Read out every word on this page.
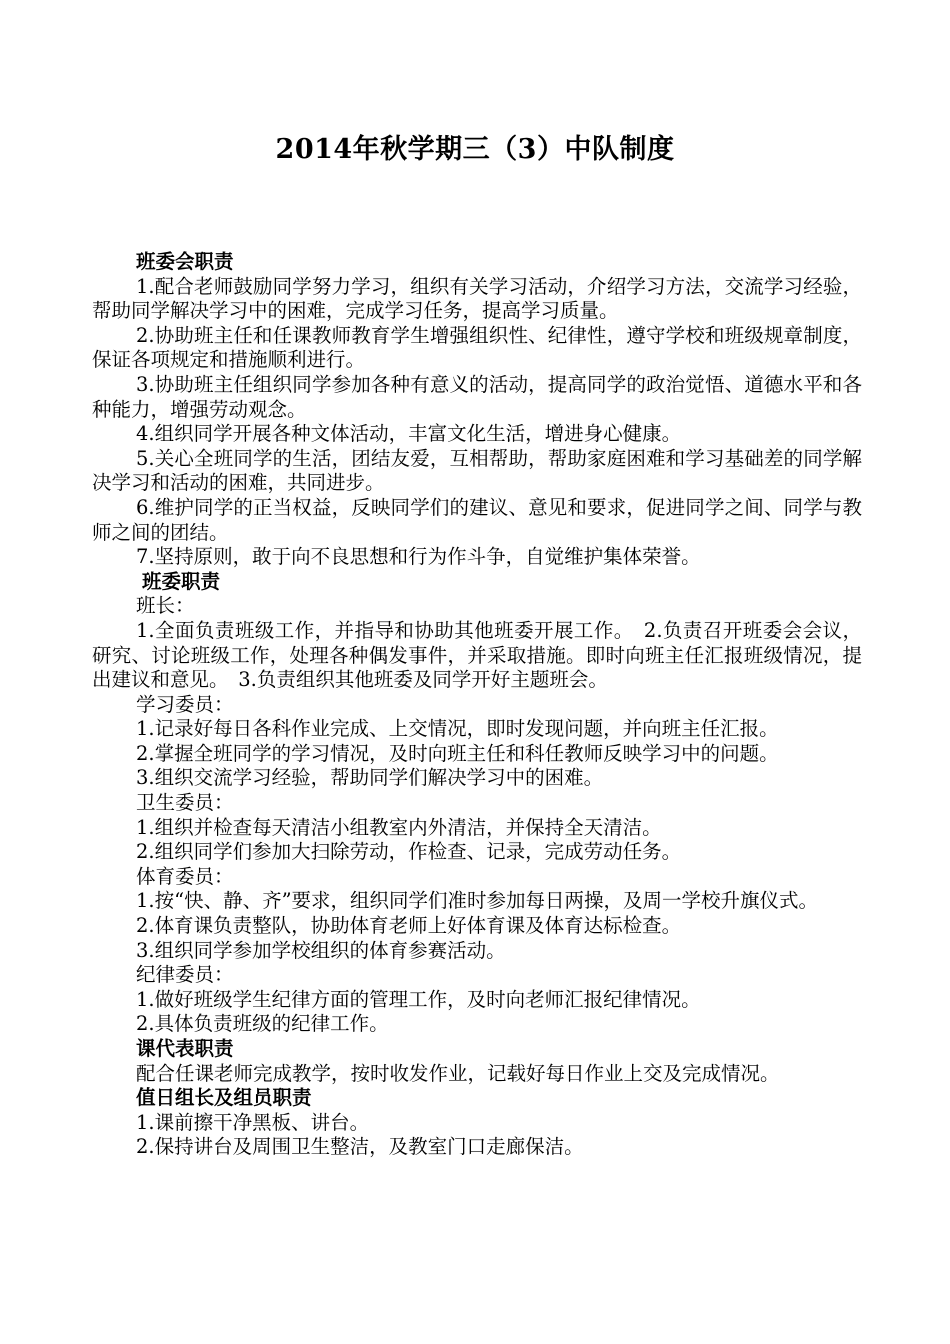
2014年秋学期三（3）中队制度

班委会职责

1.配合老师鼓励同学努力学习，组织有关学习活动，介绍学习方法，交流学习经验，帮助同学解决学习中的困难，完成学习任务，提高学习质量。

2.协助班主任和任课教师教育学生增强组织性、纪律性，遵守学校和班级规章制度，保证各项规定和措施顺利进行。

3.协助班主任组织同学参加各种有意义的活动，提高同学的政治觉悟、道德水平和各种能力，增强劳动观念。

4.组织同学开展各种文体活动，丰富文化生活，增进身心健康。

5.关心全班同学的生活，团结友爱，互相帮助，帮助家庭困难和学习基础差的同学解决学习和活动的困难，共同进步。

6.维护同学的正当权益，反映同学们的建议、意见和要求，促进同学之间、同学与教师之间的团结。

7.坚持原则，敢于向不良思想和行为作斗争，自觉维护集体荣誉。

班委职责

班长：

1.全面负责班级工作，并指导和协助其他班委开展工作。　2.负责召开班委会会议，研究、讨论班级工作，处理各种偶发事件，并采取措施。即时向班主任汇报班级情况，提出建议和意见。　3.负责组织其他班委及同学开好主题班会。

学习委员：

1.记录好每日各科作业完成、上交情况，即时发现问题，并向班主任汇报。

2.掌握全班同学的学习情况，及时向班主任和科任教师反映学习中的问题。

3.组织交流学习经验，帮助同学们解决学习中的困难。

卫生委员：

1.组织并检查每天清洁小组教室内外清洁，并保持全天清洁。

2.组织同学们参加大扫除劳动，作检查、记录，完成劳动任务。

体育委员：

1.按“快、静、齐”要求，组织同学们准时参加每日两操，及周一学校升旗仪式。

2.体育课负责整队，协助体育老师上好体育课及体育达标检查。

3.组织同学参加学校组织的体育参赛活动。

纪律委员：

1.做好班级学生纪律方面的管理工作，及时向老师汇报纪律情况。

2.具体负责班级的纪律工作。

课代表职责

配合任课老师完成教学，按时收发作业，记载好每日作业上交及完成情况。

值日组长及组员职责

1.课前擦干净黑板、讲台。

2.保持讲台及周围卫生整洁，及教室门口走廊保洁。
